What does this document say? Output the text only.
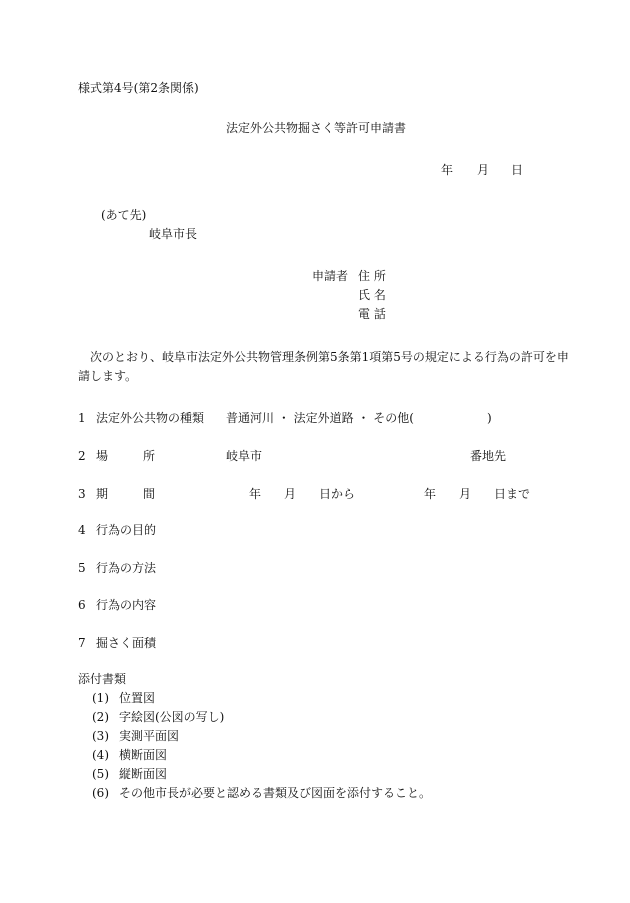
様式第4号(第2条関係)
法定外公共物掘さく等許可申請書
年 月 日
(あて先)
岐阜市長
申請者 住 所
氏 名
電 話
次のとおり、岐阜市法定外公共物管理条例第5条第1項第5号の規定による行為の許可を申
請します。
1 法定外公共物の種類 普通河川 ・ 法定外道路 ・ その他(	)
2 場	所	岐阜市	番地先
3 期	間	年 月 日から	年 月 日まで
4 行為の目的
5 行為の方法
6 行為の内容
7 掘さく面積
添付書類
(1) 位置図
(2) 字絵図(公図の写し)
(3) 実測平面図
(4) 横断面図
(5) 縦断面図
(6) その他市長が必要と認める書類及び図面を添付すること。
